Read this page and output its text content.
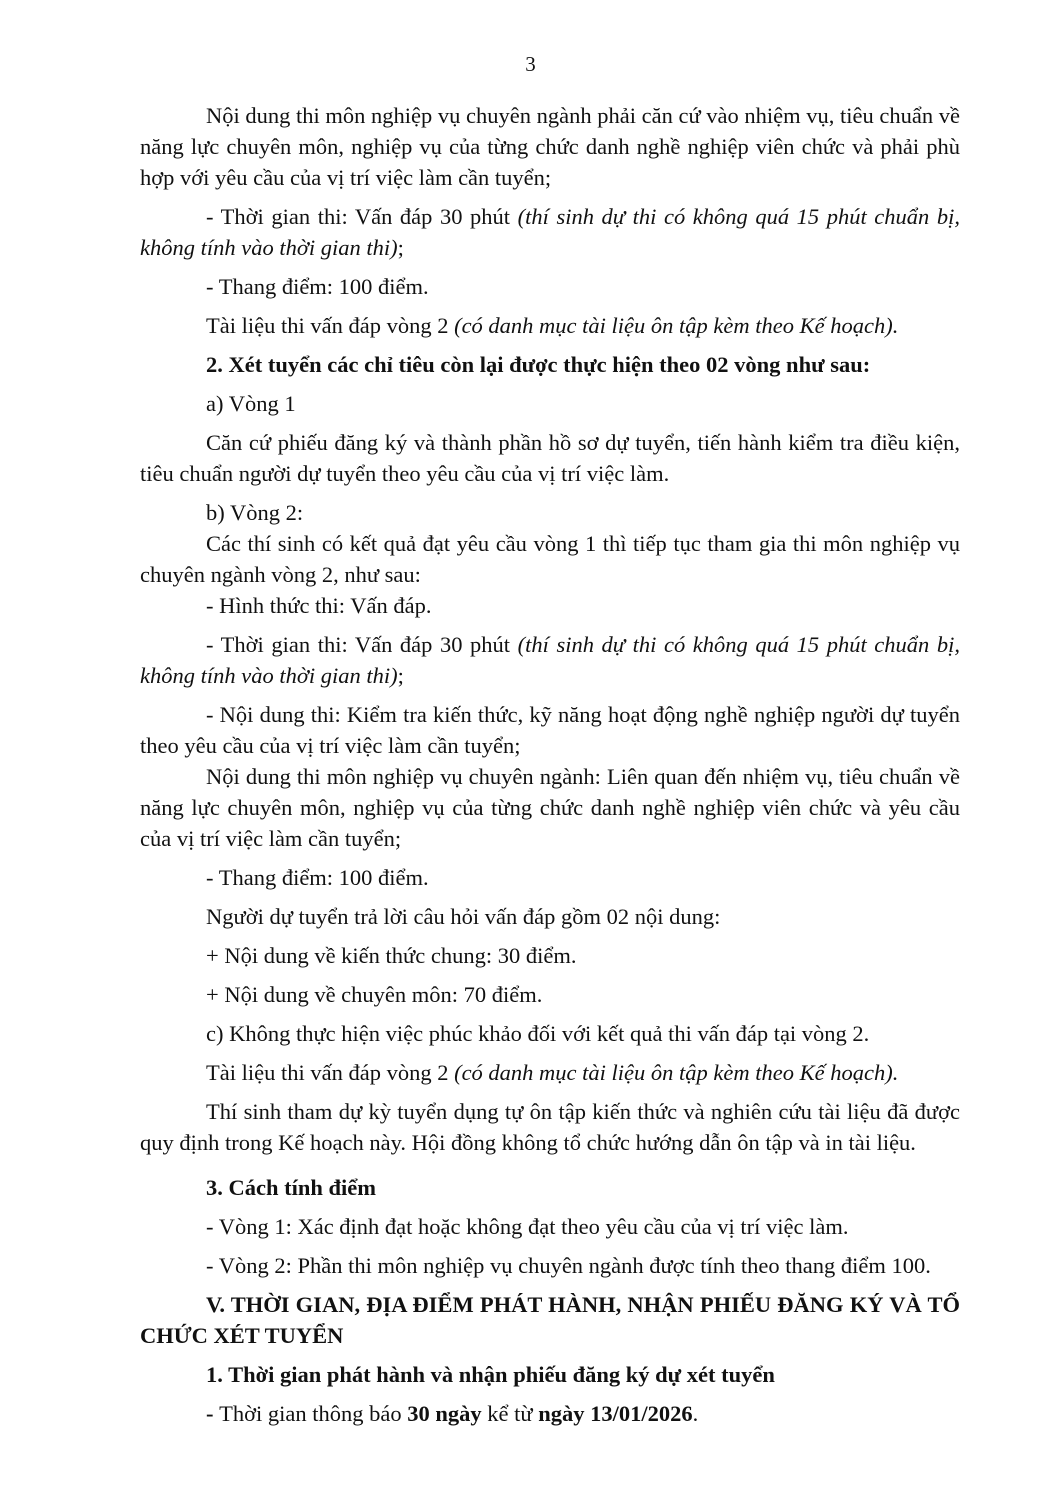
3

Nội dung thi môn nghiệp vụ chuyên ngành phải căn cứ vào nhiệm vụ, tiêu chuẩn về năng lực chuyên môn, nghiệp vụ của từng chức danh nghề nghiệp viên chức và phải phù hợp với yêu cầu của vị trí việc làm cần tuyển;

- Thời gian thi: Vấn đáp 30 phút (thí sinh dự thi có không quá 15 phút chuẩn bị, không tính vào thời gian thi);

- Thang điểm: 100 điểm.

Tài liệu thi vấn đáp vòng 2 (có danh mục tài liệu ôn tập kèm theo Kế hoạch).

2. Xét tuyển các chỉ tiêu còn lại được thực hiện theo 02 vòng như sau:

a) Vòng 1

Căn cứ phiếu đăng ký và thành phần hồ sơ dự tuyển, tiến hành kiểm tra điều kiện, tiêu chuẩn người dự tuyển theo yêu cầu của vị trí việc làm.

b) Vòng 2:

Các thí sinh có kết quả đạt yêu cầu vòng 1 thì tiếp tục tham gia thi môn nghiệp vụ chuyên ngành vòng 2, như sau:

- Hình thức thi: Vấn đáp.

- Thời gian thi: Vấn đáp 30 phút (thí sinh dự thi có không quá 15 phút chuẩn bị, không tính vào thời gian thi);

- Nội dung thi: Kiểm tra kiến thức, kỹ năng hoạt động nghề nghiệp người dự tuyển theo yêu cầu của vị trí việc làm cần tuyển;

Nội dung thi môn nghiệp vụ chuyên ngành: Liên quan đến nhiệm vụ, tiêu chuẩn về năng lực chuyên môn, nghiệp vụ của từng chức danh nghề nghiệp viên chức và yêu cầu của vị trí việc làm cần tuyển;

- Thang điểm: 100 điểm.

Người dự tuyển trả lời câu hỏi vấn đáp gồm 02 nội dung:

+ Nội dung về kiến thức chung: 30 điểm.

+ Nội dung về chuyên môn: 70 điểm.

c) Không thực hiện việc phúc khảo đối với kết quả thi vấn đáp tại vòng 2.

Tài liệu thi vấn đáp vòng 2 (có danh mục tài liệu ôn tập kèm theo Kế hoạch).

Thí sinh tham dự kỳ tuyển dụng tự ôn tập kiến thức và nghiên cứu tài liệu đã được quy định trong Kế hoạch này. Hội đồng không tổ chức hướng dẫn ôn tập và in tài liệu.

3. Cách tính điểm

- Vòng 1: Xác định đạt hoặc không đạt theo yêu cầu của vị trí việc làm.

- Vòng 2: Phần thi môn nghiệp vụ chuyên ngành được tính theo thang điểm 100.

V. THỜI GIAN, ĐỊA ĐIỂM PHÁT HÀNH, NHẬN PHIẾU ĐĂNG KÝ VÀ TỔ CHỨC XÉT TUYỂN

1. Thời gian phát hành và nhận phiếu đăng ký dự xét tuyển

- Thời gian thông báo 30 ngày kể từ ngày 13/01/2026.
